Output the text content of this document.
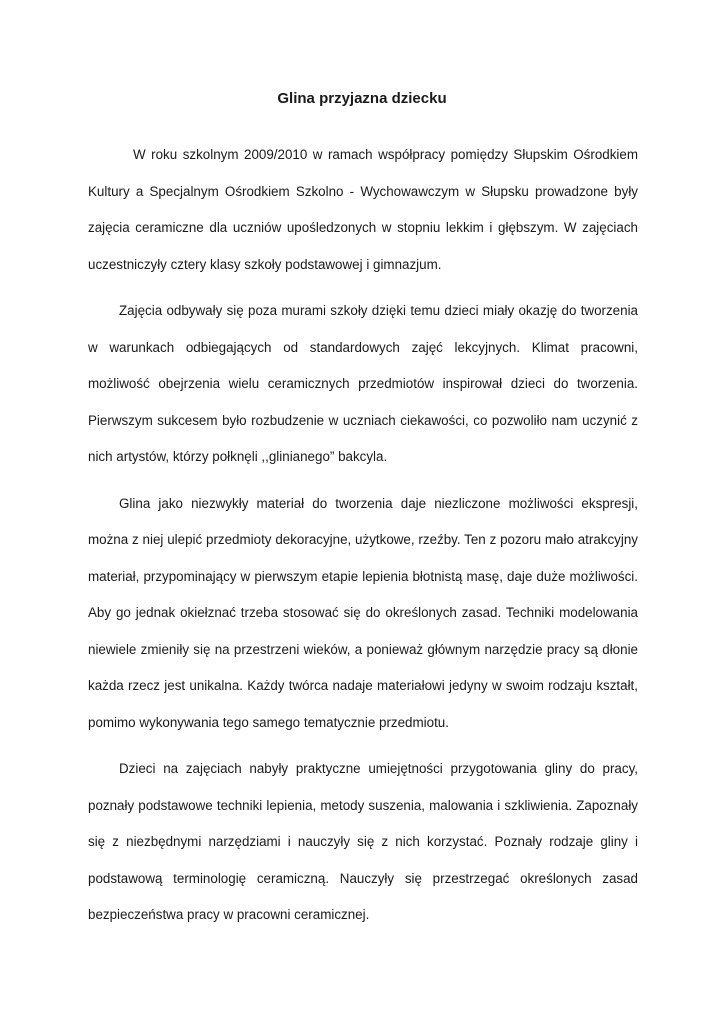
Glina przyjazna dziecku

W roku szkolnym 2009/2010 w ramach współpracy pomiędzy Słupskim Ośrodkiem Kultury a Specjalnym Ośrodkiem Szkolno - Wychowawczym w Słupsku prowadzone były zajęcia ceramiczne dla uczniów upośledzonych w stopniu lekkim i głębszym. W zajęciach uczestniczyły cztery klasy szkoły podstawowej i gimnazjum.

Zajęcia odbywały się poza murami szkoły dzięki temu dzieci miały okazję do tworzenia w warunkach odbiegających od standardowych zajęć lekcyjnych. Klimat pracowni, możliwość obejrzenia wielu ceramicznych przedmiotów inspirował dzieci do tworzenia. Pierwszym sukcesem było rozbudzenie w uczniach ciekawości, co pozwoliło nam uczynić z nich artystów, którzy połknęli ,,glinianego” bakcyla.

Glina jako niezwykły materiał do tworzenia daje niezliczone możliwości ekspresji, można z niej ulepić przedmioty dekoracyjne, użytkowe, rzeźby. Ten z pozoru mało atrakcyjny materiał, przypominający w pierwszym etapie lepienia błotnistą masę, daje duże możliwości. Aby go jednak okiełznać trzeba stosować się do określonych zasad. Techniki modelowania niewiele zmieniły się na przestrzeni wieków, a ponieważ głównym narzędzie pracy są dłonie każda rzecz jest unikalna. Każdy twórca nadaje materiałowi jedyny w swoim rodzaju kształt, pomimo wykonywania tego samego tematycznie przedmiotu.

Dzieci na zajęciach nabyły praktyczne umiejętności przygotowania gliny do pracy, poznały podstawowe techniki lepienia, metody suszenia, malowania i szkliwienia. Zapoznały się z niezbędnymi narzędziami i nauczyły się z nich korzystać. Poznały rodzaje gliny i podstawową terminologię ceramiczną. Nauczyły się przestrzegać określonych zasad bezpieczeństwa pracy w pracowni ceramicznej.
